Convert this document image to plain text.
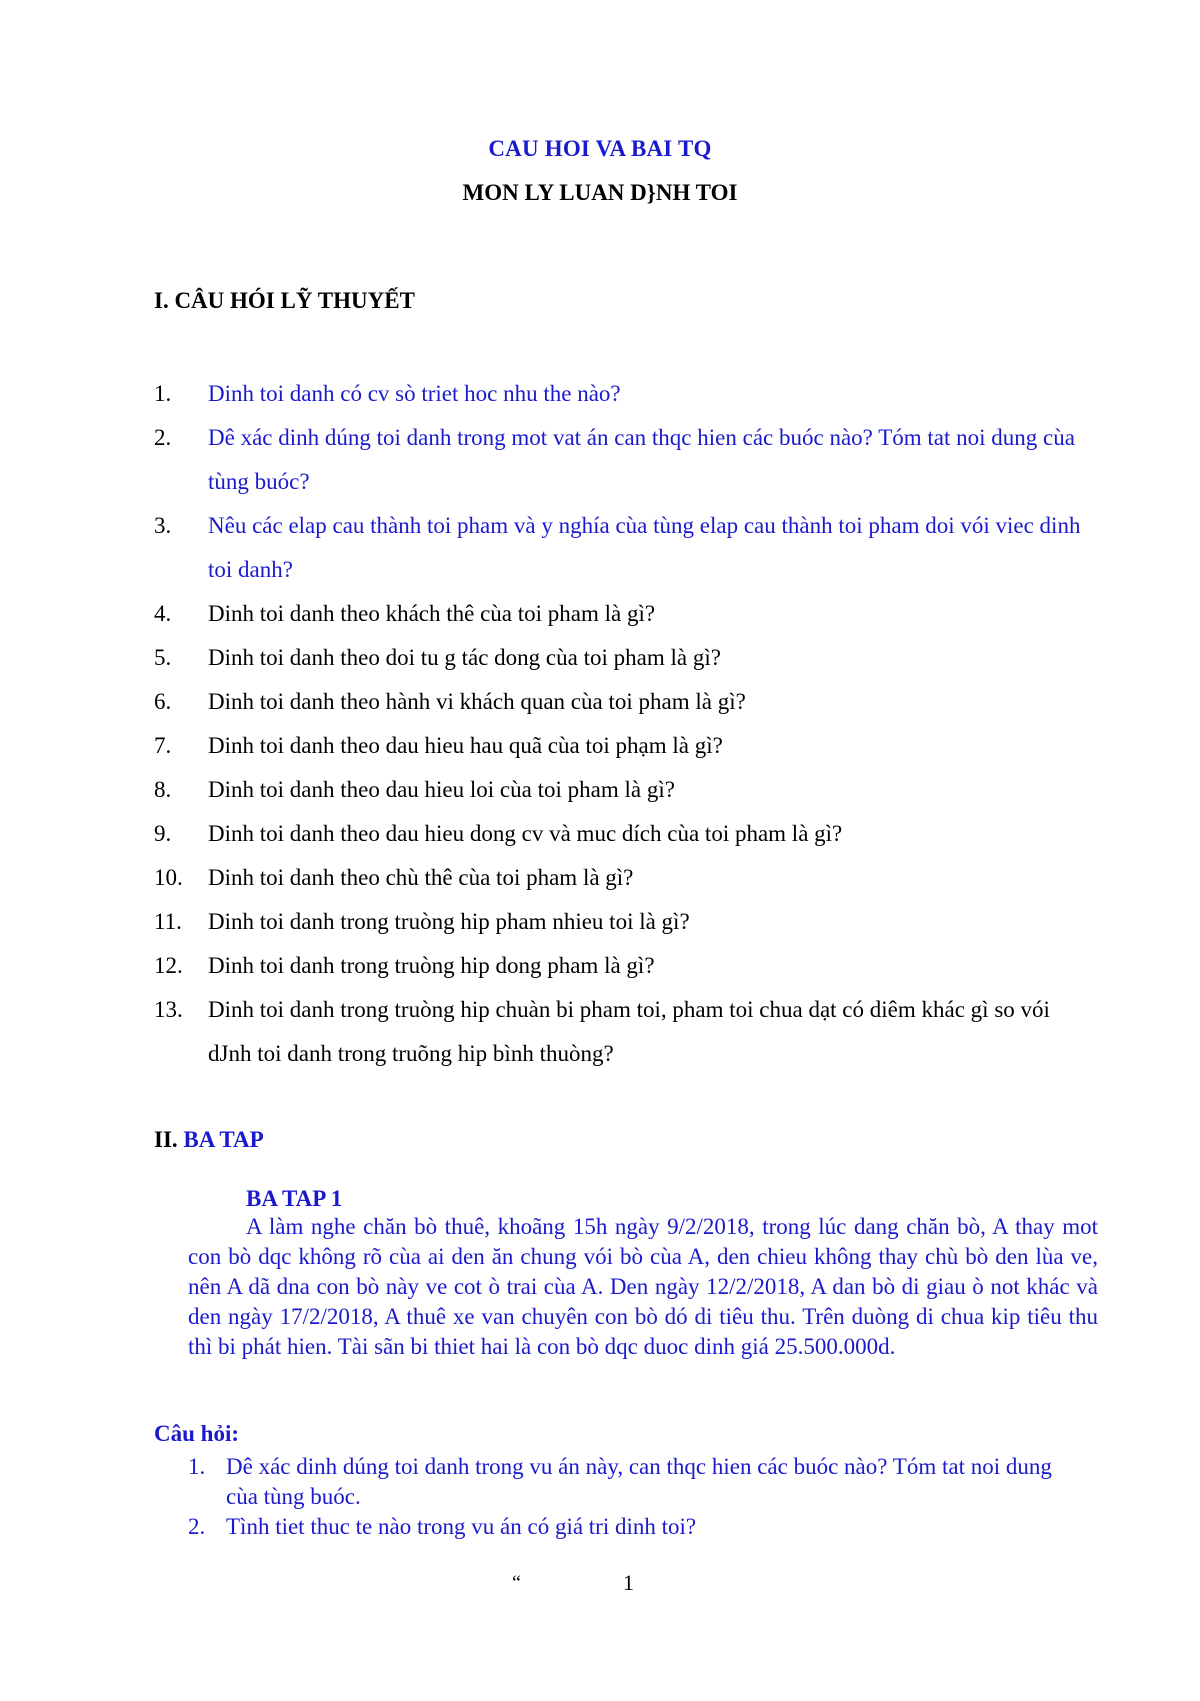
CAU HOI VA BAI TQ
MON LY LUAN D}NH TOI
I. CÂU HÓI LỸ THUYẾT
1.	Dinh toi danh có cv sò triet hoc nhu the nào?
2.	Dê xác dinh dúng toi danh trong mot vat án can thqc hien các buóc nào? Tóm tat noi dung cùa tùng buóc?
3.	Nêu các elap cau thành toi pham và y nghía cùa tùng elap cau thành toi pham doi vói viec dinh toi danh?
4.	Dinh toi danh theo khách thê cùa toi pham là gì?
5.	Dinh toi danh theo doi tu g tác dong cùa toi pham là gì?
6.	Dinh toi danh theo hành vi khách quan cùa toi pham là gì?
7.	Dinh toi danh theo dau hieu hau quã cùa toi phạm là gì?
8.	Dinh toi danh theo dau hieu loi cùa toi pham là gì?
9.	Dinh toi danh theo dau hieu dong cv và muc dích cùa toi pham là gì?
10.	Dinh toi danh theo chù thê cùa toi pham là gì?
11.	Dinh toi danh trong truòng hip pham nhieu toi là gì?
12.	Dinh toi danh trong truòng hip dong pham là gì?
13.	Dinh toi danh trong truòng hip chuàn bi pham toi, pham toi chua dạt có diêm khác gì so vói dJnh toi danh trong truõng hip bình thuòng?
II. BA TAP
BA TAP 1
A làm nghe chăn bò thuê, khoãng 15h ngày 9/2/2018, trong lúc dang chăn bò, A thay mot con bò dqc không rõ cùa ai den ăn chung vói bò cùa A, den chieu không thay chù bò den lùa ve, nên A dã dna con bò này ve cot ò trai cùa A. Den ngày 12/2/2018, A dan bò di giau ò not khác và den ngày 17/2/2018, A thuê xe van chuyên con bò dó di tiêu thu. Trên duòng di chua kip tiêu thu thì bi phát hien. Tài sãn bi thiet hai là con bò dqc duoc dinh giá 25.500.000d.
Câu hỏi:
1. Dê xác dinh dúng toi danh trong vu án này, can thqc hien các buóc nào? Tóm tat noi dung cùa tùng buóc.
2. Tình tiet thuc te nào trong vu án có giá tri dinh toi?
“	1
